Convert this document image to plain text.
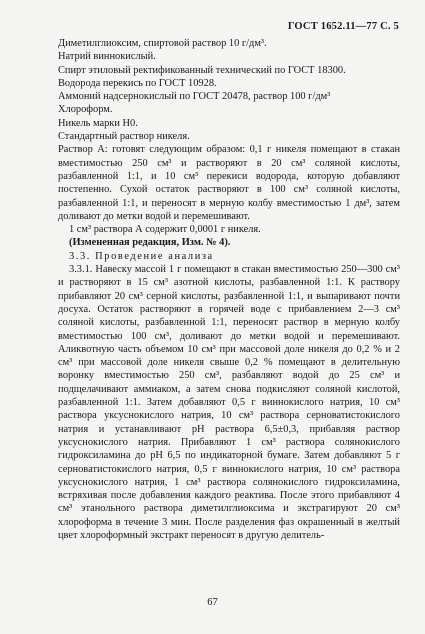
ГОСТ 1652.11—77 С. 5

Диметилглиоксим, спиртовой раствор 10 г/дм³.

Натрий виннокислый.

Спирт этиловый ректификованный технический по ГОСТ 18300.

Водорода перекись по ГОСТ 10928.

Аммоний надсернокислый по ГОСТ 20478, раствор 100 г/дм³

Хлороформ.

Никель марки Н0.

Стандартный раствор никеля.

Раствор А: готовят следующим образом: 0,1 г никеля помещают в стакан вместимостью 250 см³ и растворяют в 20 см³ соляной кислоты, разбавленной 1:1, и 10 см³ перекиси водорода, которую добавляют постепенно. Сухой остаток растворяют в 100 см³ соляной кислоты, разбавленной 1:1, и переносят в мерную колбу вместимостью 1 дм³, затем доливают до метки водой и перемешивают.

1 см³ раствора А содержит 0,0001 г никеля.

(Измененная редакция, Изм. № 4).

3.3. Проведение анализа

3.3.1. Навеску массой 1 г помещают в стакан вместимостью 250—300 см³ и растворяют в 15 см³ азотной кислоты, разбавленной 1:1. К раствору прибавляют 20 см³ серной кислоты, разбавленной 1:1, и выпаривают почти досуха. Остаток растворяют в горячей воде с прибавлением 2—3 см³ соляной кислоты, разбавленной 1:1, переносят раствор в мерную колбу вместимостью 100 см³, доливают до метки водой и перемешивают. Аликвотную часть объемом 10 см³ при массовой доле никеля до 0,2 % и 2 см³ при массовой доле никеля свыше 0,2 % помещают в делительную воронку вместимостью 250 см³, разбавляют водой до 25 см³ и подщелачивают аммиаком, а затем снова подкисляют соляной кислотой, разбавленной 1:1. Затем добавляют 0,5 г виннокислого натрия, 10 см³ раствора уксуснокислого натрия, 10 см³ раствора серноватистокислого натрия и устанавливают pH раствора 6,5±0,3, прибавляя раствор уксуснокислого натрия. Прибавляют 1 см³ раствора солянокислого гидроксиламина до pH 6,5 по индикаторной бумаге. Затем добавляют 5 г серноватистокислого натрия, 0,5 г виннокислого натрия, 10 см³ раствора уксуснокислого натрия, 1 см³ раствора солянокислого гидроксиламина, встряхивая после добавления каждого реактива. После этого прибавляют 4 см³ этанольного раствора диметилглиоксима и экстрагируют 20 см³ хлороформа в течение 3 мин. После разделения фаз окрашенный в желтый цвет хлороформный экстракт переносят в другую делитель-

67
